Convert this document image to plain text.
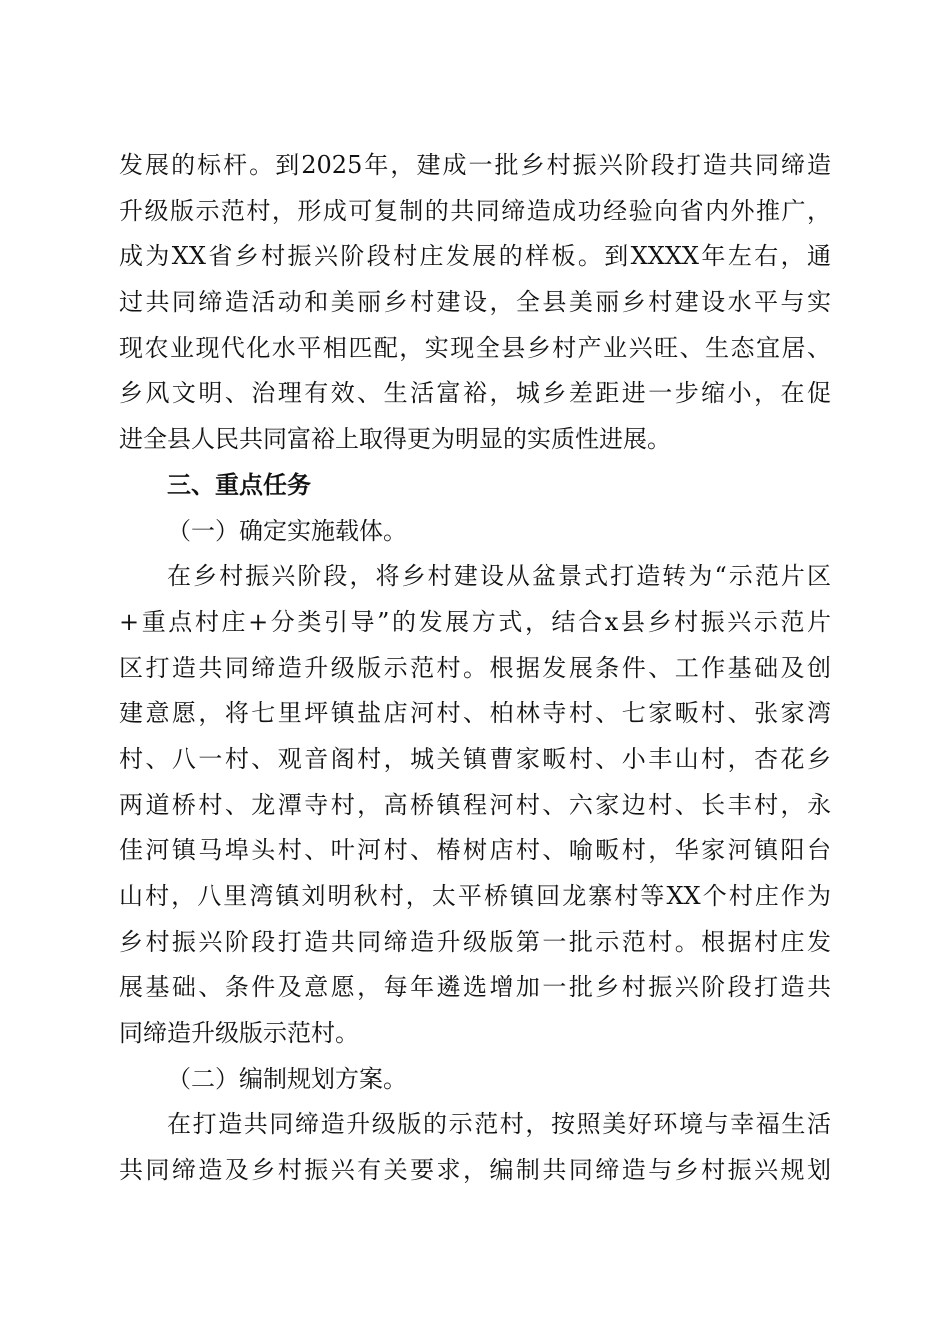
发展的标杆。到2025年，建成一批乡村振兴阶段打造共同缔造
升级版示范村，形成可复制的共同缔造成功经验向省内外推广，
成为XX省乡村振兴阶段村庄发展的样板。到XXXX年左右，通
过共同缔造活动和美丽乡村建设，全县美丽乡村建设水平与实
现农业现代化水平相匹配，实现全县乡村产业兴旺、生态宜居、
乡风文明、治理有效、生活富裕，城乡差距进一步缩小，在促
进全县人民共同富裕上取得更为明显的实质性进展。
三、重点任务
（一）确定实施载体。
在乡村振兴阶段，将乡村建设从盆景式打造转为“示范片区
+重点村庄+分类引导”的发展方式，结合x县乡村振兴示范片
区打造共同缔造升级版示范村。根据发展条件、工作基础及创
建意愿，将七里坪镇盐店河村、柏林寺村、七家畈村、张家湾
村、八一村、观音阁村，城关镇曹家畈村、小丰山村，杏花乡
两道桥村、龙潭寺村，高桥镇程河村、六家边村、长丰村，永
佳河镇马埠头村、叶河村、椿树店村、喻畈村，华家河镇阳台
山村，八里湾镇刘明秋村，太平桥镇回龙寨村等XX个村庄作为
乡村振兴阶段打造共同缔造升级版第一批示范村。根据村庄发
展基础、条件及意愿，每年遴选增加一批乡村振兴阶段打造共
同缔造升级版示范村。
（二）编制规划方案。
在打造共同缔造升级版的示范村，按照美好环境与幸福生活
共同缔造及乡村振兴有关要求，编制共同缔造与乡村振兴规划
